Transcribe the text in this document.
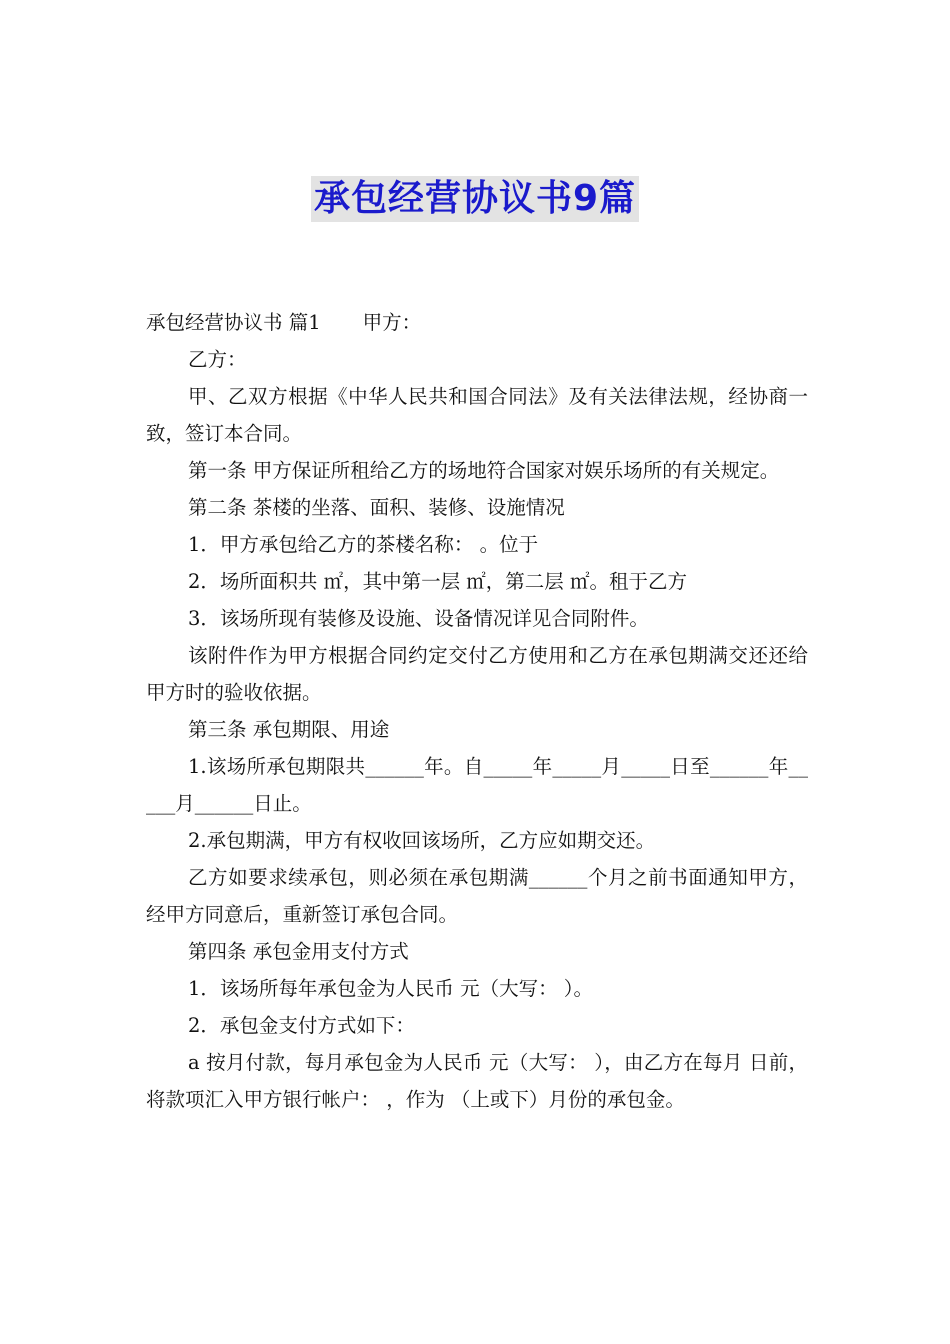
承包经营协议书9篇

承包经营协议书 篇1 甲方：

乙方：

甲、乙双方根据《中华人民共和国合同法》及有关法律法规，经协商一致，签订本合同。

第一条 甲方保证所租给乙方的场地符合国家对娱乐场所的有关规定。

第二条 茶楼的坐落、面积、装修、设施情况

1．甲方承包给乙方的茶楼名称： 。位于

2．场所面积共 ㎡，其中第一层 ㎡，第二层 ㎡。租于乙方

3．该场所现有装修及设施、设备情况详见合同附件。

该附件作为甲方根据合同约定交付乙方使用和乙方在承包期满交还还给甲方时的验收依据。

第三条 承包期限、用途

1.该场所承包期限共______年。自_____年_____月_____日至______年_____月______日止。

2.承包期满，甲方有权收回该场所，乙方应如期交还。

乙方如要求续承包，则必须在承包期满______个月之前书面通知甲方，经甲方同意后，重新签订承包合同。

第四条 承包金用支付方式

1．该场所每年承包金为人民币 元（大写： ）。

2．承包金支付方式如下：

a 按月付款，每月承包金为人民币 元（大写： ），由乙方在每月 日前，将款项汇入甲方银行帐户： ，作为 （上或下）月份的承包金。
